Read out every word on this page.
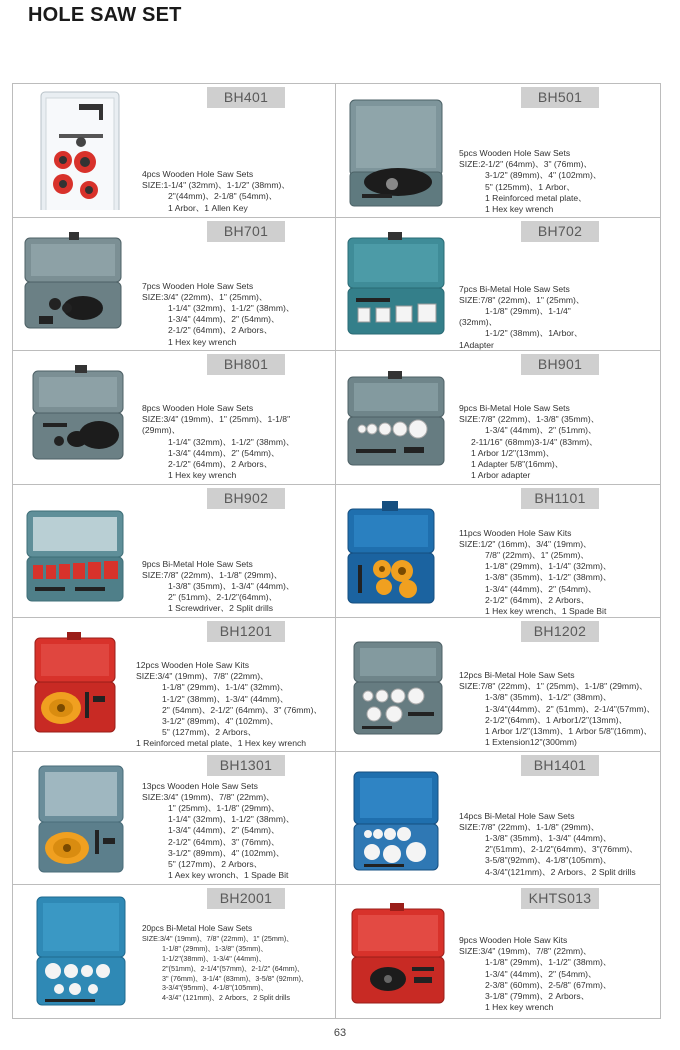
HOLE SAW SET
BH401
4pcs Wooden Hole Saw Sets
SIZE:1-1/4" (32mm)、1-1/2" (38mm)、
2"(44mm)、2-1/8" (54mm)、
1 Arbor、1 Allen Key
BH501
5pcs Wooden Hole Saw Sets
SIZE:2-1/2" (64mm)、3" (76mm)、
3-1/2" (89mm)、4" (102mm)、
5" (125mm)、1 Arbor、
1 Reinforced metal plate、
1 Hex key wrench
BH701
7pcs Wooden Hole Saw Sets
SIZE:3/4" (22mm)、1" (25mm)、
1-1/4" (32mm)、1-1/2" (38mm)、
1-3/4" (44mm)、2" (54mm)、
2-1/2" (64mm)、2 Arbors、
1 Hex key wrench
BH702
7pcs Bi-Metal Hole Saw Sets
SIZE:7/8" (22mm)、1" (25mm)、
1-1/8" (29mm)、1-1/4"
(32mm)、
1-1/2" (38mm)、1Arbor、
1Adapter
BH801
8pcs Wooden Hole Saw Sets
SIZE:3/4" (19mm)、1" (25mm)、1-1/8"
(29mm)、
1-1/4" (32mm)、1-1/2" (38mm)、
1-3/4" (44mm)、2" (54mm)、
2-1/2" (64mm)、2 Arbors、
1 Hex key wrench
BH901
9pcs Bi-Metal Hole Saw Sets
SIZE:7/8" (22mm)、1-3/8" (35mm)、
1-3/4" (44mm)、2" (51mm)、
2-11/16" (68mm)3-1/4" (83mm)、
1 Arbor 1/2"(13mm)、
1 Adapter 5/8"(16mm)、
1 Arbor adapter
BH902
9pcs Bi-Metal Hole Saw Sets
SIZE:7/8" (22mm)、1-1/8" (29mm)、
1-3/8" (35mm)、1-3/4" (44mm)、
2" (51mm)、2-1/2"(64mm)、
1 Screwdriver、2 Split drills
BH1101
11pcs Wooden Hole Saw Kits
SIZE:1/2" (16mm)、3/4" (19mm)、
7/8" (22mm)、1" (25mm)、
1-1/8" (29mm)、1-1/4" (32mm)、
1-3/8" (35mm)、1-1/2" (38mm)、
1-3/4" (44mm)、2" (54mm)、
2-1/2" (64mm)、2 Arbors、
1 Hex key wrench、1 Spade Bit
BH1201
12pcs Wooden Hole Saw Kits
SIZE:3/4" (19mm)、7/8" (22mm)、
1-1/8" (29mm)、1-1/4" (32mm)、
1-1/2" (38mm)、1-3/4" (44mm)、
2" (54mm)、2-1/2" (64mm)、3" (76mm)、
3-1/2" (89mm)、4" (102mm)、
5" (127mm)、2 Arbors、
1 Reinforced metal plate、1 Hex key wrench
BH1202
12pcs Bi-Metal Hole Saw Sets
SIZE:7/8" (22mm)、1" (25mm)、1-1/8" (29mm)、
1-3/8" (35mm)、1-1/2" (38mm)、
1-3/4"(44mm)、2" (51mm)、2-1/4"(57mm)、
2-1/2"(64mm)、1 Arbor1/2"(13mm)、
1 Arbor 1/2"(13mm)、1 Arbor 5/8"(16mm)、
1 Extension12"(300mm)
BH1301
13pcs Wooden Hole Saw Sets
SIZE:3/4" (19mm)、7/8" (22mm)、
1" (25mm)、1-1/8" (29mm)、
1-1/4" (32mm)、1-1/2" (38mm)、
1-3/4" (44mm)、2" (54mm)、
2-1/2" (64mm)、3" (76mm)、
3-1/2" (89mm)、4" (102mm)、
5" (127mm)、2 Arbors、
1 Aex key wronch、1 Spade Bit
BH1401
14pcs Bi-Metal Hole Saw Sets
SIZE:7/8" (22mm)、1-1/8" (29mm)、
1-3/8" (35mm)、1-3/4" (44mm)、
2"(51mm)、2-1/2"(64mm)、3"(76mm)、
3-5/8"(92mm)、4-1/8"(105mm)、
4-3/4"(121mm)、2 Arbors、2 Split drills
BH2001
20pcs Bi-Metal Hole Saw Sets
SIZE:3/4" (19mm)、7/8" (22mm)、1" (25mm)、
1-1/8" (29mm)、1-3/8" (35mm)、
1-1/2"(38mm)、1-3/4" (44mm)、
2"(51mm)、2-1/4"(57mm)、2-1/2" (64mm)、
3" (76mm)、3-1/4" (83mm)、3-5/8" (92mm)、
3-3/4"(95mm)、4-1/8"(105mm)、
4-3/4" (121mm)、2 Arbors、2 Split drills
KHTS013
9pcs Wooden Hole Saw Kits
SIZE:3/4" (19mm)、7/8" (22mm)、
1-1/8" (29mm)、1-1/2" (38mm)、
1-3/4" (44mm)、2" (54mm)、
2-3/8" (60mm)、2-5/8" (67mm)、
3-1/8" (79mm)、2 Arbors、
1 Hex key wrench
63
